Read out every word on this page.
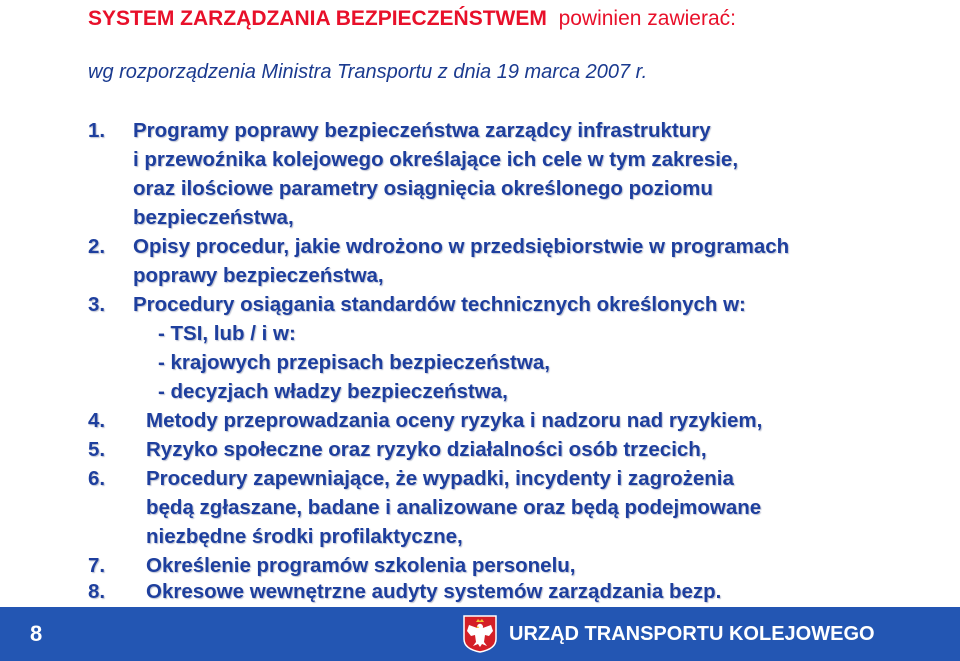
SYSTEM ZARZĄDZANIA BEZPIECZEŃSTWEM powinien zawierać:

wg rozporządzenia Ministra Transportu z dnia 19 marca 2007 r.

1. Programy poprawy bezpieczeństwa zarządcy infrastruktury
i przewoźnika kolejowego określające ich cele w tym zakresie,
oraz ilościowe parametry osiągnięcia określonego poziomu
bezpieczeństwa,
2. Opisy procedur, jakie wdrożono w przedsiębiorstwie w programach
poprawy bezpieczeństwa,
3. Procedury osiągania standardów technicznych określonych w:
- TSI, lub / i w:
- krajowych przepisach bezpieczeństwa,
- decyzjach władzy bezpieczeństwa,
4. Metody przeprowadzania oceny ryzyka i nadzoru nad ryzykiem,
5. Ryzyko społeczne oraz ryzyko działalności osób trzecich,
6. Procedury zapewniające, że wypadki, incydenty i zagrożenia
będą zgłaszane, badane i analizowane oraz będą podejmowane
niezbędne środki profilaktyczne,
7. Określenie programów szkolenia personelu,
8. Okresowe wewnętrzne audyty systemów zarządzania bezp.
8	URZĄD TRANSPORTU KOLEJOWEGO
